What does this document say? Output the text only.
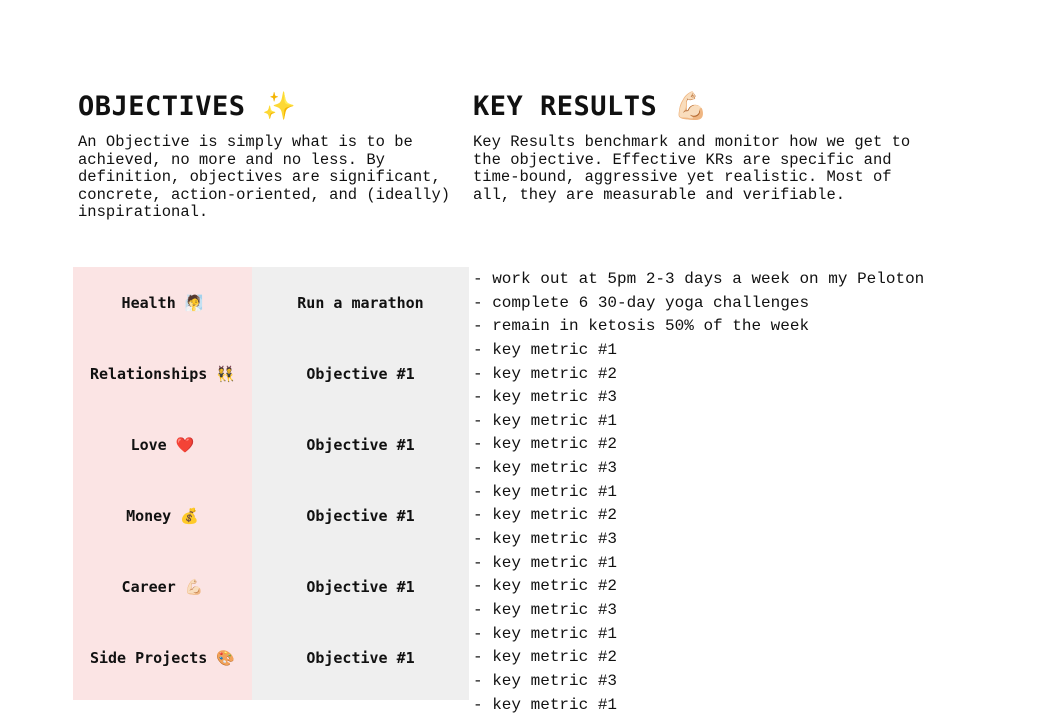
OBJECTIVES ✨

An Objective is simply what is to be
achieved, no more and no less. By
definition, objectives are significant,
concrete, action-oriented, and (ideally)
inspirational.

KEY RESULTS 💪🏻

Key Results benchmark and monitor how we get to
the objective. Effective KRs are specific and
time-bound, aggressive yet realistic. Most of
all, they are measurable and verifiable.

Health 🧖
Relationships 👯
Love ❤️
Money 💰
Career 💪🏻
Side Projects 🎨
Run a marathon
Objective #1
Objective #1
Objective #1
Objective #1
Objective #1
- work out at 5pm 2-3 days a week on my Peloton
- complete 6 30-day yoga challenges
- remain in ketosis 50% of the week
- key metric #1
- key metric #2
- key metric #3
- key metric #1
- key metric #2
- key metric #3
- key metric #1
- key metric #2
- key metric #3
- key metric #1
- key metric #2
- key metric #3
- key metric #1
- key metric #2
- key metric #3
- key metric #1
